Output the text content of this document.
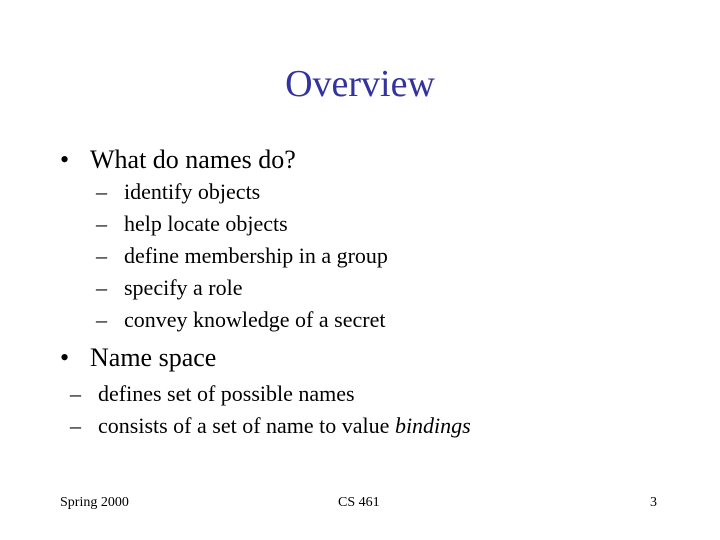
Overview
• What do names do?
– identify objects
– help locate objects
– define membership in a group
– specify a role
– convey knowledge of a secret
• Name space
– defines set of possible names
– consists of a set of name to value bindings
Spring 2000	CS 461	3
